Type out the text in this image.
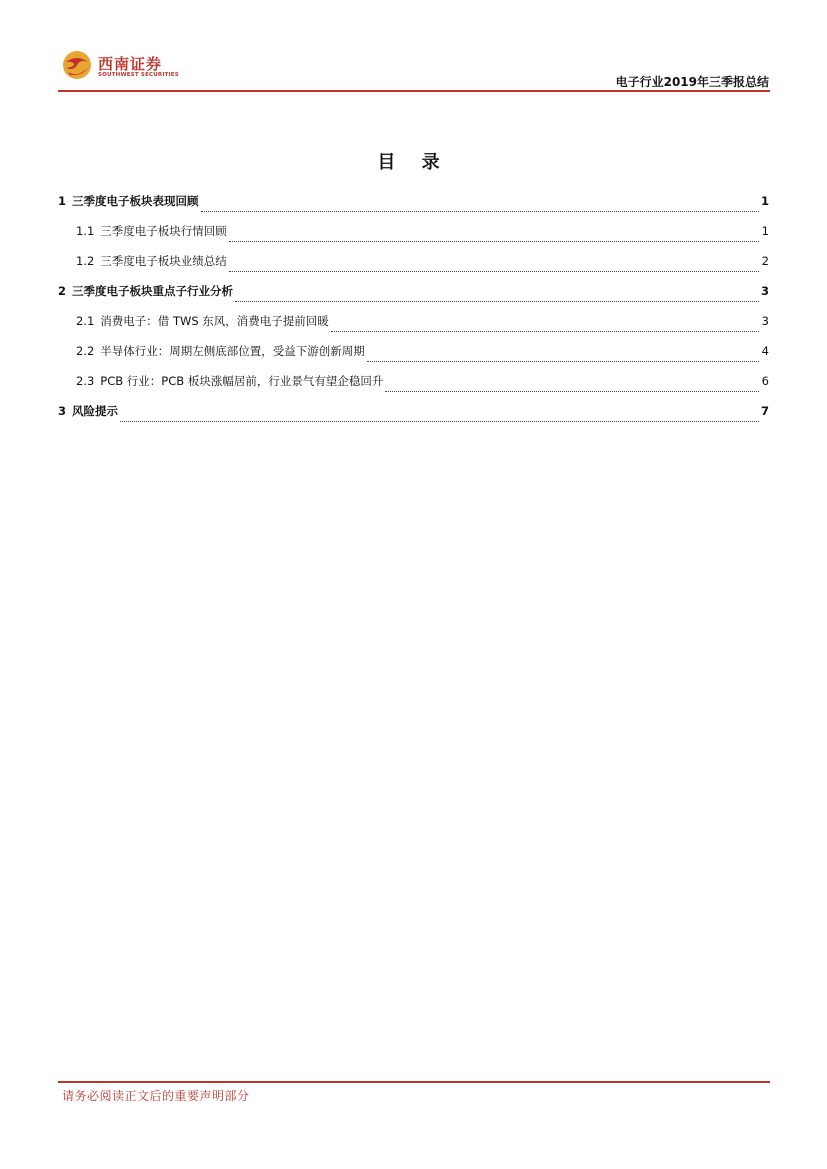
西南证券
SOUTHWEST SECURITIES	电子行业2019年三季报总结
目 录
1 三季度电子板块表现回顾	1
1.1 三季度电子板块行情回顾	1
1.2 三季度电子板块业绩总结	2
2 三季度电子板块重点子行业分析	3
2.1 消费电子：借 TWS 东风，消费电子提前回暖	3
2.2 半导体行业：周期左侧底部位置，受益下游创新周期	4
2.3 PCB 行业：PCB 板块涨幅居前，行业景气有望企稳回升	6
3 风险提示	7
请务必阅读正文后的重要声明部分
